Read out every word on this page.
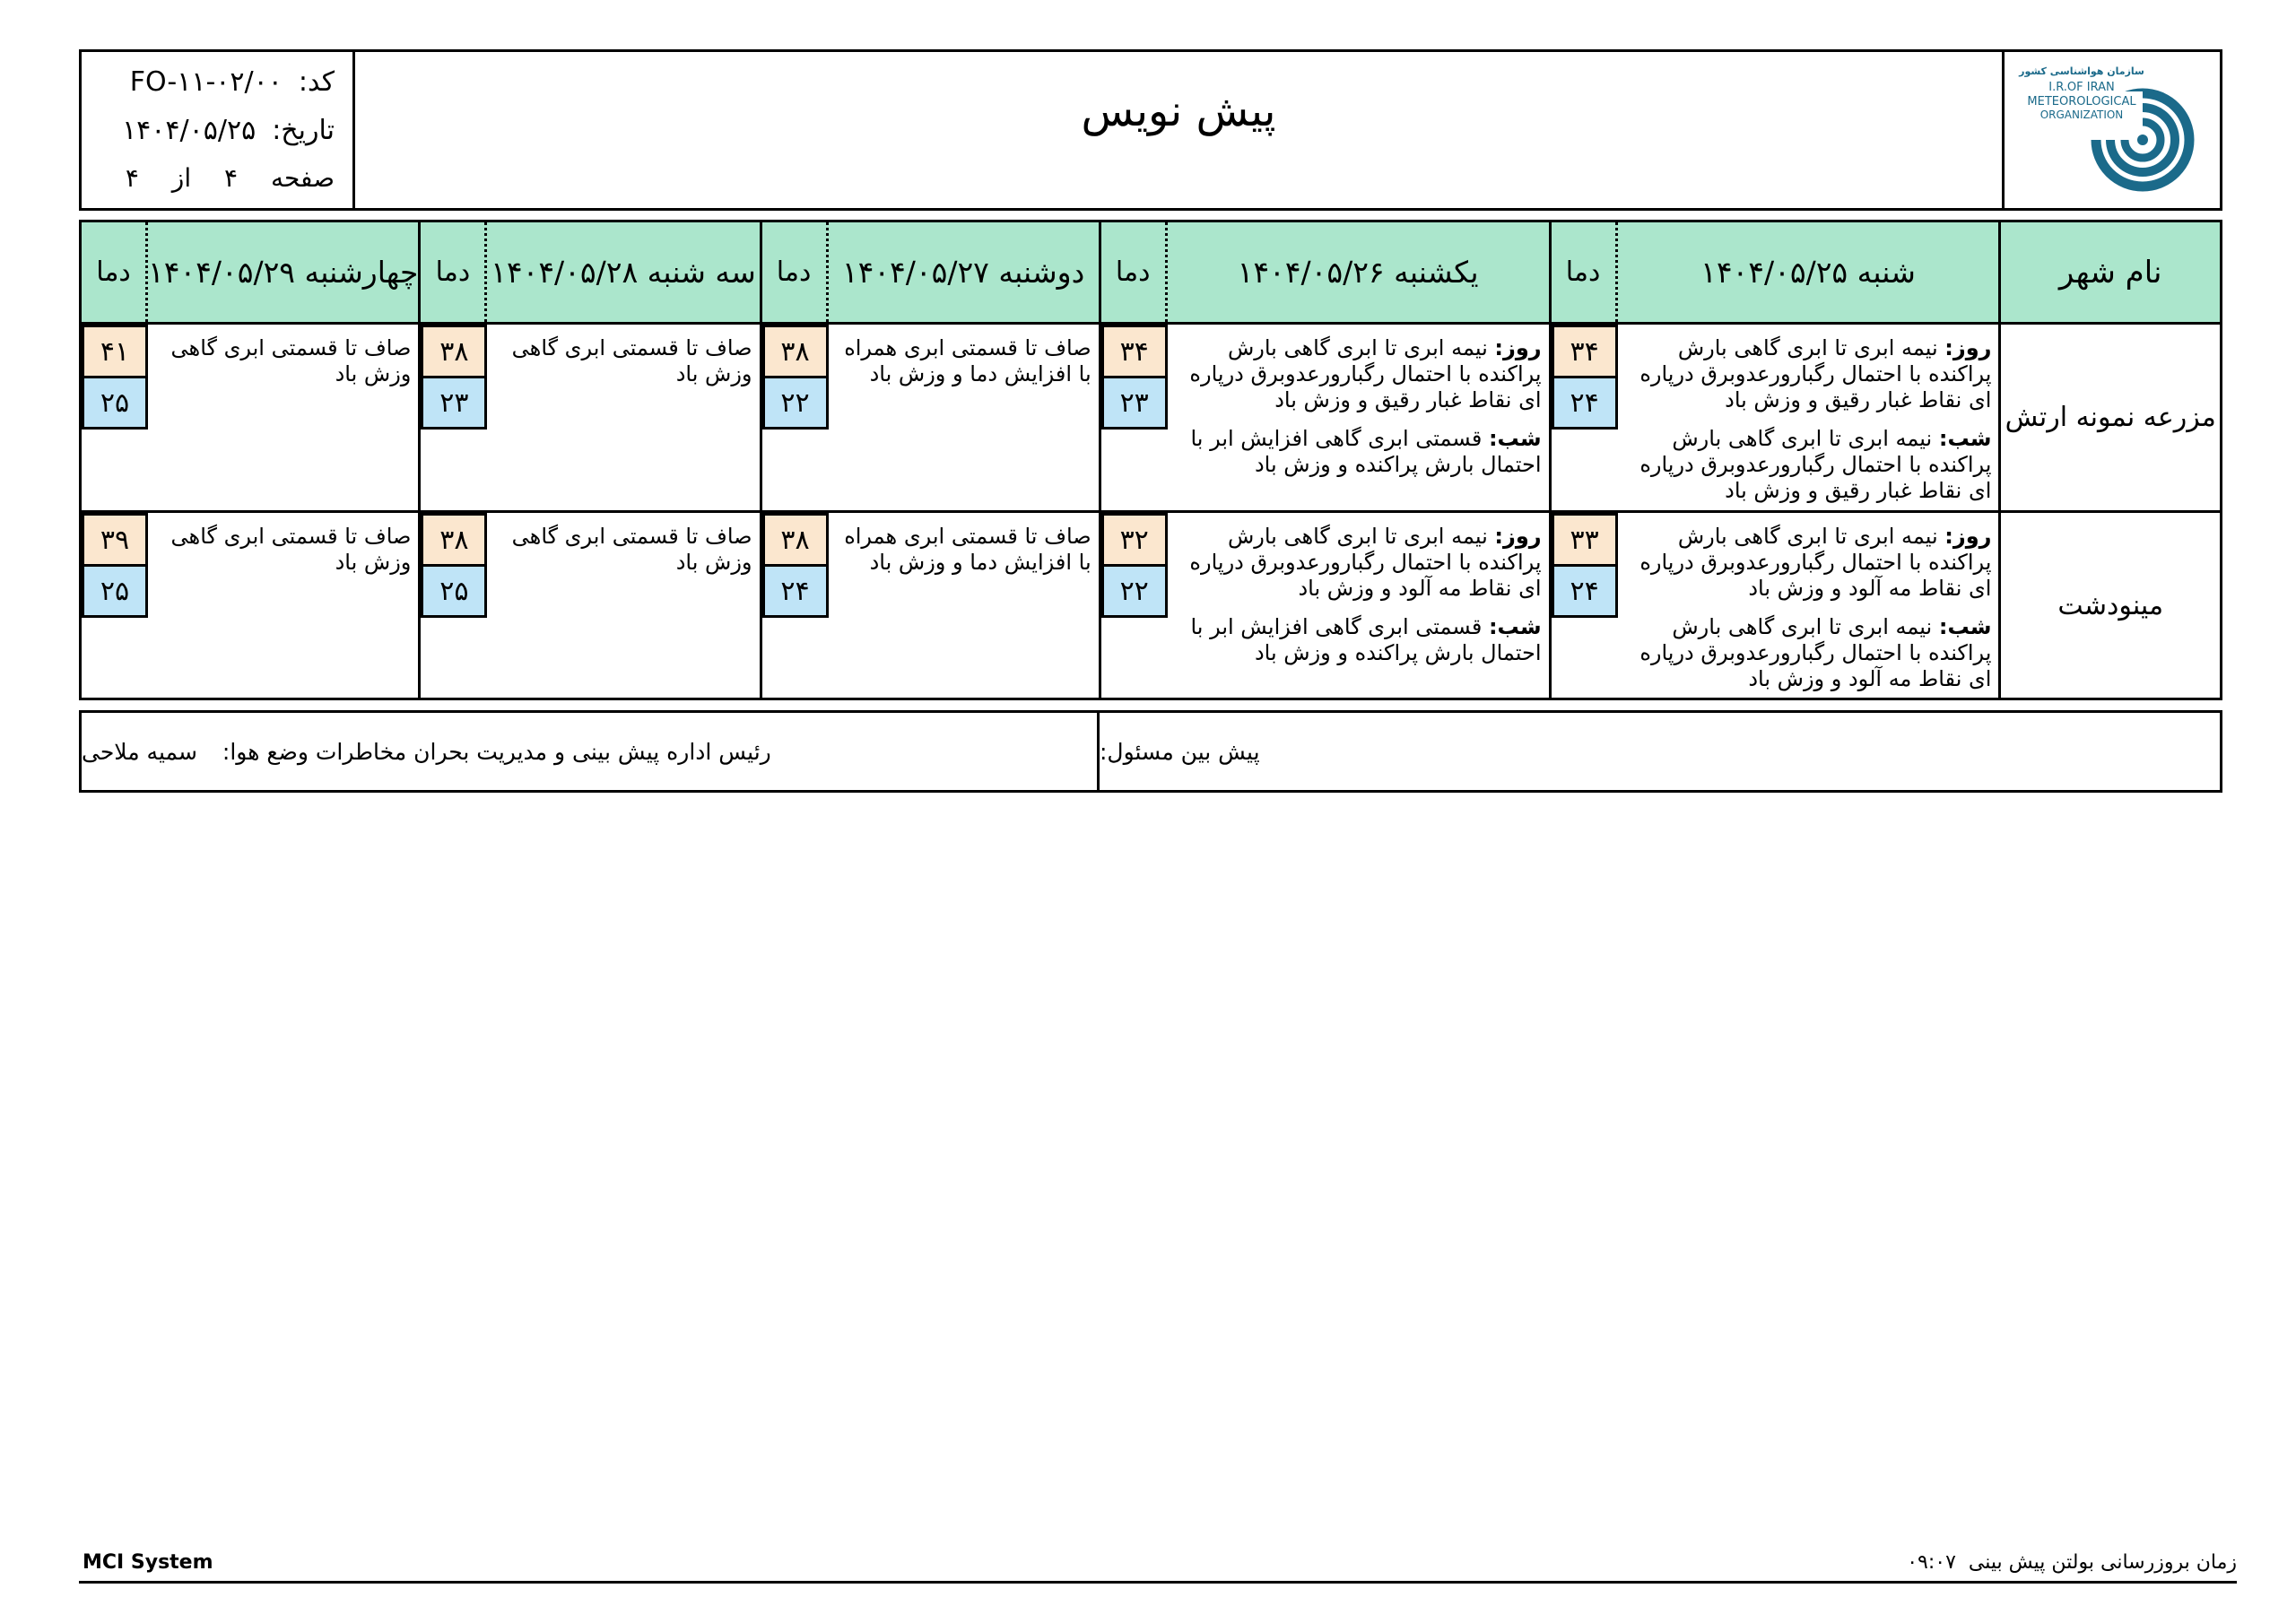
کد:FO-۱۱-۰۲/۰۰
تاریخ:۱۴۰۴/۰۵/۲۵
صفحه ۴ از ۴
پیش نویس
سازمان هواشناسی کشور
I.R.OF IRAN
METEOROLOGICAL
ORGANIZATION
نام شهر
مزرعه نمونه ارتش
مینودشت
شنبه ۱۴۰۴/۰۵/۲۵
دما
روز: نیمه ابری تا ابری گاهی بارش پراکنده با احتمال رگبارورعدوبرق درپاره ای نقاط غبار رقیق و وزش باد
شب: نیمه ابری تا ابری گاهی بارش پراکنده با احتمال رگبارورعدوبرق درپاره ای نقاط غبار رقیق و وزش باد
۳۴
۲۴
روز: نیمه ابری تا ابری گاهی بارش پراکنده با احتمال رگبارورعدوبرق درپاره ای نقاط مه آلود و وزش باد
شب: نیمه ابری تا ابری گاهی بارش پراکنده با احتمال رگبارورعدوبرق درپاره ای نقاط مه آلود و وزش باد
۳۳
۲۴
یکشنبه ۱۴۰۴/۰۵/۲۶
دما
روز: نیمه ابری تا ابری گاهی بارش پراکنده با احتمال رگبارورعدوبرق درپاره ای نقاط غبار رقیق و وزش باد
شب: قسمتی ابری گاهی افزایش ابر با احتمال بارش پراکنده و وزش باد
۳۴
۲۳
روز: نیمه ابری تا ابری گاهی بارش پراکنده با احتمال رگبارورعدوبرق درپاره ای نقاط مه آلود و وزش باد
شب: قسمتی ابری گاهی افزایش ابر با احتمال بارش پراکنده و وزش باد
۳۲
۲۲
دوشنبه ۱۴۰۴/۰۵/۲۷
دما
صاف تا قسمتی ابری همراه با افزایش دما و وزش باد
۳۸
۲۲
صاف تا قسمتی ابری همراه با افزایش دما و وزش باد
۳۸
۲۴
سه شنبه ۱۴۰۴/۰۵/۲۸
دما
صاف تا قسمتی ابری گاهی وزش باد
۳۸
۲۳
صاف تا قسمتی ابری گاهی وزش باد
۳۸
۲۵
چهارشنبه ۱۴۰۴/۰۵/۲۹
دما
صاف تا قسمتی ابری گاهی وزش باد
۴۱
۲۵
صاف تا قسمتی ابری گاهی وزش باد
۳۹
۲۵
رئیس اداره پیش بینی و مدیریت بحران مخاطرات وضع هوا:
سمیه ملاحی	پیش بین مسئول:
MCI System	زمان بروزرسانی بولتن پیش بینی۰۹:۰۷
